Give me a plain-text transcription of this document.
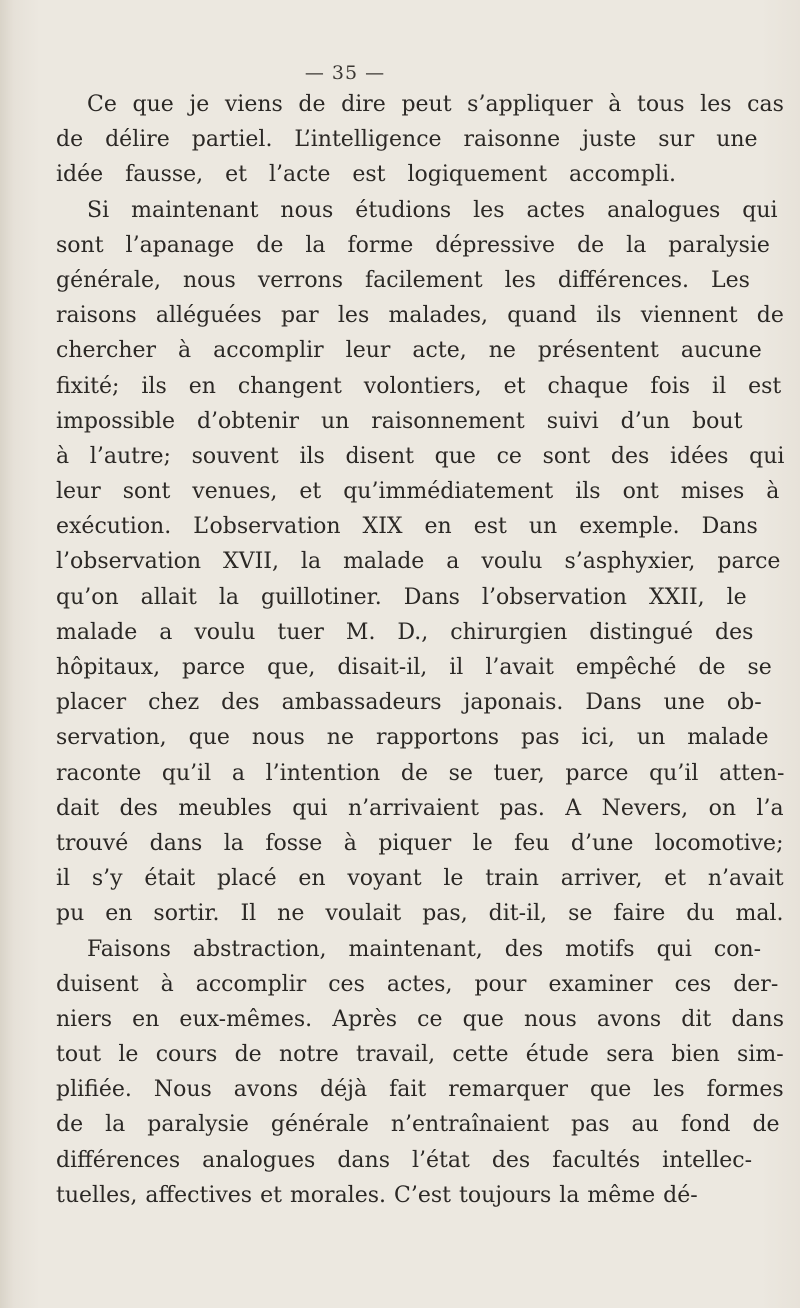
— 35 —
Ce que je viens de dire peut s’appliquer à tous les cas
de délire partiel. L’intelligence raisonne juste sur une
idée fausse, et l’acte est logiquement accompli.
Si maintenant nous étudions les actes analogues qui
sont l’apanage de la forme dépressive de la paralysie
générale, nous verrons facilement les différences. Les
raisons alléguées par les malades, quand ils viennent de
chercher à accomplir leur acte, ne présentent aucune
fixité; ils en changent volontiers, et chaque fois il est
impossible d’obtenir un raisonnement suivi d’un bout
à l’autre; souvent ils disent que ce sont des idées qui
leur sont venues, et qu’immédiatement ils ont mises à
exécution. L’observation XIX en est un exemple. Dans
l’observation XVII, la malade a voulu s’asphyxier, parce
qu’on allait la guillotiner. Dans l’observation XXII, le
malade a voulu tuer M. D., chirurgien distingué des
hôpitaux, parce que, disait-il, il l’avait empêché de se
placer chez des ambassadeurs japonais. Dans une ob-
servation, que nous ne rapportons pas ici, un malade
raconte qu’il a l’intention de se tuer, parce qu’il atten-
dait des meubles qui n’arrivaient pas. A Nevers, on l’a
trouvé dans la fosse à piquer le feu d’une locomotive;
il s’y était placé en voyant le train arriver, et n’avait
pu en sortir. Il ne voulait pas, dit-il, se faire du mal.
Faisons abstraction, maintenant, des motifs qui con-
duisent à accomplir ces actes, pour examiner ces der-
niers en eux-mêmes. Après ce que nous avons dit dans
tout le cours de notre travail, cette étude sera bien sim-
plifiée. Nous avons déjà fait remarquer que les formes
de la paralysie générale n’entraînaient pas au fond de
différences analogues dans l’état des facultés intellec-
tuelles, affectives et morales. C’est toujours la même dé-
